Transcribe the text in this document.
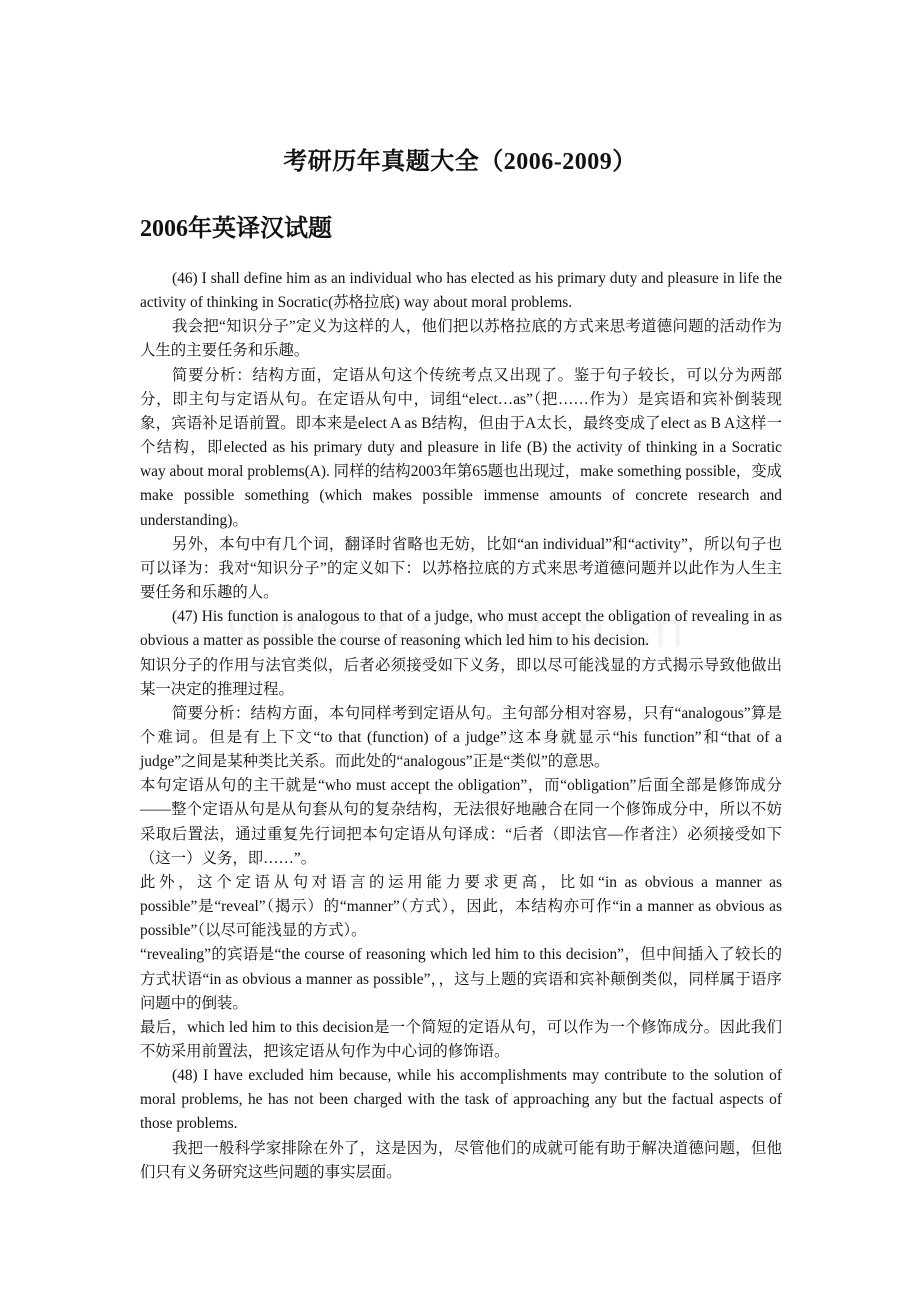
考研历年真题大全（2006-2009）
2006年英译汉试题

(46) I shall define him as an individual who has elected as his primary duty and pleasure in life the activity of thinking in Socratic(苏格拉底) way about moral problems.

我会把“知识分子”定义为这样的人，他们把以苏格拉底的方式来思考道德问题的活动作为人生的主要任务和乐趣。

简要分析：结构方面，定语从句这个传统考点又出现了。鉴于句子较长，可以分为两部分，即主句与定语从句。在定语从句中，词组“elect…as”（把……作为）是宾语和宾补倒装现象，宾语补足语前置。即本来是elect A as B结构，但由于A太长，最终变成了elect as B A这样一个结构，即elected as his primary duty and pleasure in life (B) the activity of thinking in a Socratic way about moral problems(A). 同样的结构2003年第65题也出现过，make something possible，变成make possible something (which makes possible immense amounts of concrete research and understanding)。

另外，本句中有几个词，翻译时省略也无妨，比如“an individual”和“activity”，所以句子也可以译为：我对“知识分子”的定义如下：以苏格拉底的方式来思考道德问题并以此作为人生主要任务和乐趣的人。

(47) His function is analogous to that of a judge, who must accept the obligation of revealing in as obvious a matter as possible the course of reasoning which led him to his decision.

知识分子的作用与法官类似，后者必须接受如下义务，即以尽可能浅显的方式揭示导致他做出某一决定的推理过程。

简要分析：结构方面，本句同样考到定语从句。主句部分相对容易，只有“analogous”算是个难词。但是有上下文“to that (function) of a judge”这本身就显示“his function”和“that of a judge”之间是某种类比关系。而此处的“analogous”正是“类似”的意思。

本句定语从句的主干就是“who must accept the obligation”，而“obligation”后面全部是修饰成分——整个定语从句是从句套从句的复杂结构，无法很好地融合在同一个修饰成分中，所以不妨采取后置法，通过重复先行词把本句定语从句译成：“后者（即法官—作者注）必须接受如下（这一）义务，即……”。

此外，这个定语从句对语言的运用能力要求更高，比如“in as obvious a manner as possible”是“reveal”（揭示）的“manner”（方式），因此，本结构亦可作“in a manner as obvious as possible”（以尽可能浅显的方式）。

“revealing”的宾语是“the course of reasoning which led him to this decision”，但中间插入了较长的方式状语“in as obvious a manner as possible”，，这与上题的宾语和宾补颠倒类似，同样属于语序问题中的倒装。

最后，which led him to this decision是一个简短的定语从句，可以作为一个修饰成分。因此我们不妨采用前置法，把该定语从句作为中心词的修饰语。

(48) I have excluded him because, while his accomplishments may contribute to the solution of moral problems, he has not been charged with the task of approaching any but the factual aspects of those problems.

我把一般科学家排除在外了，这是因为，尽管他们的成就可能有助于解决道德问题，但他们只有义务研究这些问题的事实层面。
